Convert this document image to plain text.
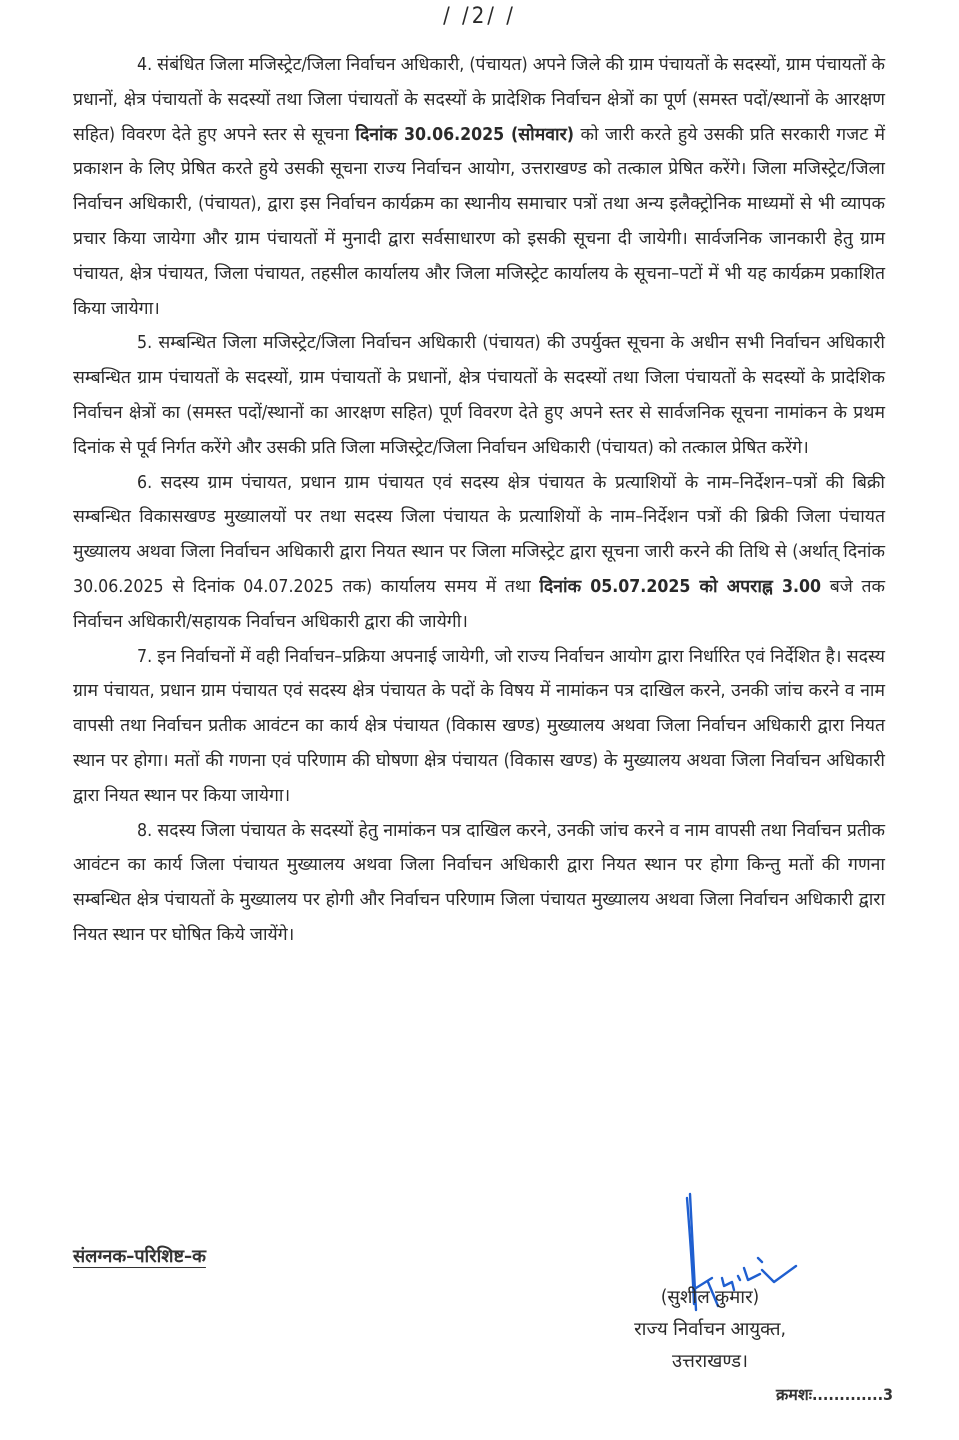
/ /2/ /

4. संबंधित जिला मजिस्ट्रेट/जिला निर्वाचन अधिकारी, (पंचायत) अपने जिले की ग्राम पंचायतों के सदस्यों, ग्राम पंचायतों के प्रधानों, क्षेत्र पंचायतों के सदस्यों तथा जिला पंचायतों के सदस्यों के प्रादेशिक निर्वाचन क्षेत्रों का पूर्ण (समस्त पदों/स्थानों के आरक्षण सहित) विवरण देते हुए अपने स्तर से सूचना दिनांक 30.06.2025 (सोमवार) को जारी करते हुये उसकी प्रति सरकारी गजट में प्रकाशन के लिए प्रेषित करते हुये उसकी सूचना राज्य निर्वाचन आयोग, उत्तराखण्ड को तत्काल प्रेषित करेंगे। जिला मजिस्ट्रेट/जिला निर्वाचन अधिकारी, (पंचायत), द्वारा इस निर्वाचन कार्यक्रम का स्थानीय समाचार पत्रों तथा अन्य इलैक्ट्रोनिक माध्यमों से भी व्यापक प्रचार किया जायेगा और ग्राम पंचायतों में मुनादी द्वारा सर्वसाधारण को इसकी सूचना दी जायेगी। सार्वजनिक जानकारी हेतु ग्राम पंचायत, क्षेत्र पंचायत, जिला पंचायत, तहसील कार्यालय और जिला मजिस्ट्रेट कार्यालय के सूचना–पटों में भी यह कार्यक्रम प्रकाशित किया जायेगा।

5. सम्बन्धित जिला मजिस्ट्रेट/जिला निर्वाचन अधिकारी (पंचायत) की उपर्युक्त सूचना के अधीन सभी निर्वाचन अधिकारी सम्बन्धित ग्राम पंचायतों के सदस्यों, ग्राम पंचायतों के प्रधानों, क्षेत्र पंचायतों के सदस्यों तथा जिला पंचायतों के सदस्यों के प्रादेशिक निर्वाचन क्षेत्रों का (समस्त पदों/स्थानों का आरक्षण सहित) पूर्ण विवरण देते हुए अपने स्तर से सार्वजनिक सूचना नामांकन के प्रथम दिनांक से पूर्व निर्गत करेंगे और उसकी प्रति जिला मजिस्ट्रेट/जिला निर्वाचन अधिकारी (पंचायत) को तत्काल प्रेषित करेंगे।

6. सदस्य ग्राम पंचायत, प्रधान ग्राम पंचायत एवं सदस्य क्षेत्र पंचायत के प्रत्याशियों के नाम–निर्देशन–पत्रों की बिक्री सम्बन्धित विकासखण्ड मुख्यालयों पर तथा सदस्य जिला पंचायत के प्रत्याशियों के नाम–निर्देशन पत्रों की ब्रिकी जिला पंचायत मुख्यालय अथवा जिला निर्वाचन अधिकारी द्वारा नियत स्थान पर जिला मजिस्ट्रेट द्वारा सूचना जारी करने की तिथि से (अर्थात् दिनांक 30.06.2025 से दिनांक 04.07.2025 तक) कार्यालय समय में तथा दिनांक 05.07.2025 को अपराह्न 3.00 बजे तक निर्वाचन अधिकारी/सहायक निर्वाचन अधिकारी द्वारा की जायेगी।

7. इन निर्वाचनों में वही निर्वाचन–प्रक्रिया अपनाई जायेगी, जो राज्य निर्वाचन आयोग द्वारा निर्धारित एवं निर्देशित है। सदस्य ग्राम पंचायत, प्रधान ग्राम पंचायत एवं सदस्य क्षेत्र पंचायत के पदों के विषय में नामांकन पत्र दाखिल करने, उनकी जांच करने व नाम वापसी तथा निर्वाचन प्रतीक आवंटन का कार्य क्षेत्र पंचायत (विकास खण्ड) मुख्यालय अथवा जिला निर्वाचन अधिकारी द्वारा नियत स्थान पर होगा। मतों की गणना एवं परिणाम की घोषणा क्षेत्र पंचायत (विकास खण्ड) के मुख्यालय अथवा जिला निर्वाचन अधिकारी द्वारा नियत स्थान पर किया जायेगा।

8. सदस्य जिला पंचायत के सदस्यों हेतु नामांकन पत्र दाखिल करने, उनकी जांच करने व नाम वापसी तथा निर्वाचन प्रतीक आवंटन का कार्य जिला पंचायत मुख्यालय अथवा जिला निर्वाचन अधिकारी द्वारा नियत स्थान पर होगा किन्तु मतों की गणना सम्बन्धित क्षेत्र पंचायतों के मुख्यालय पर होगी और निर्वाचन परिणाम जिला पंचायत मुख्यालय अथवा जिला निर्वाचन अधिकारी द्वारा नियत स्थान पर घोषित किये जायेंगे।

संलग्नक–परिशिष्ट–क
(सुशील कुमार)
राज्य निर्वाचन आयुक्त,
उत्तराखण्ड।
क्रमशः.............3
